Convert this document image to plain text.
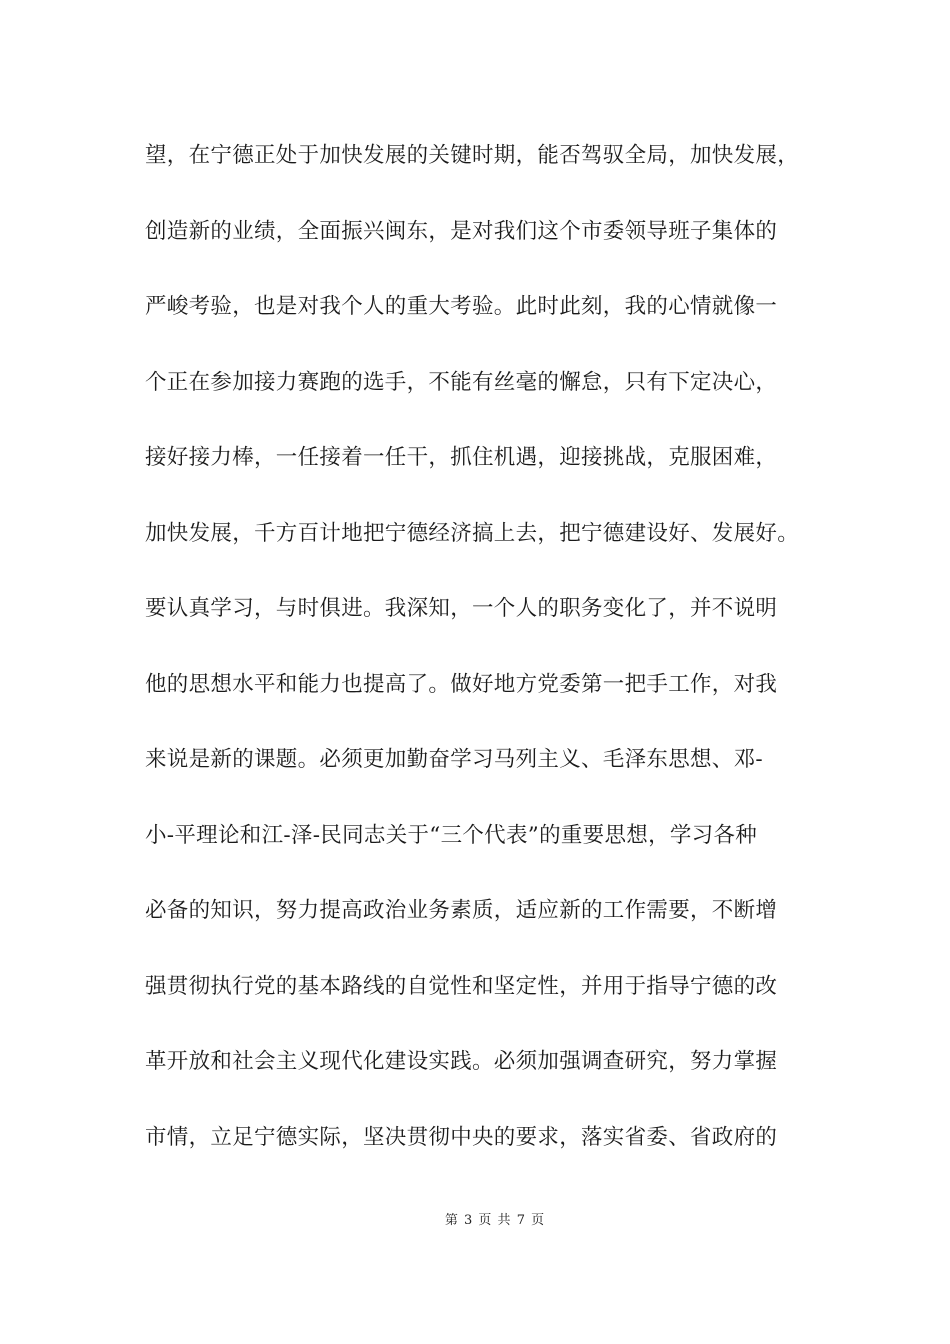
望，在宁德正处于加快发展的关键时期，能否驾驭全局，加快发展，
创造新的业绩，全面振兴闽东，是对我们这个市委领导班子集体的
严峻考验，也是对我个人的重大考验。此时此刻，我的心情就像一
个正在参加接力赛跑的选手，不能有丝毫的懈怠，只有下定决心，
接好接力棒，一任接着一任干，抓住机遇，迎接挑战，克服困难，
加快发展，千方百计地把宁德经济搞上去，把宁德建设好、发展好。
要认真学习，与时俱进。我深知，一个人的职务变化了，并不说明
他的思想水平和能力也提高了。做好地方党委第一把手工作，对我
来说是新的课题。必须更加勤奋学习马列主义、毛泽东思想、邓-
小-平理论和江-泽-民同志关于“三个代表”的重要思想，学习各种
必备的知识，努力提高政治业务素质，适应新的工作需要，不断增
强贯彻执行党的基本路线的自觉性和坚定性，并用于指导宁德的改
革开放和社会主义现代化建设实践。必须加强调查研究，努力掌握
市情，立足宁德实际，坚决贯彻中央的要求，落实省委、省政府的
第 3 页 共 7 页
